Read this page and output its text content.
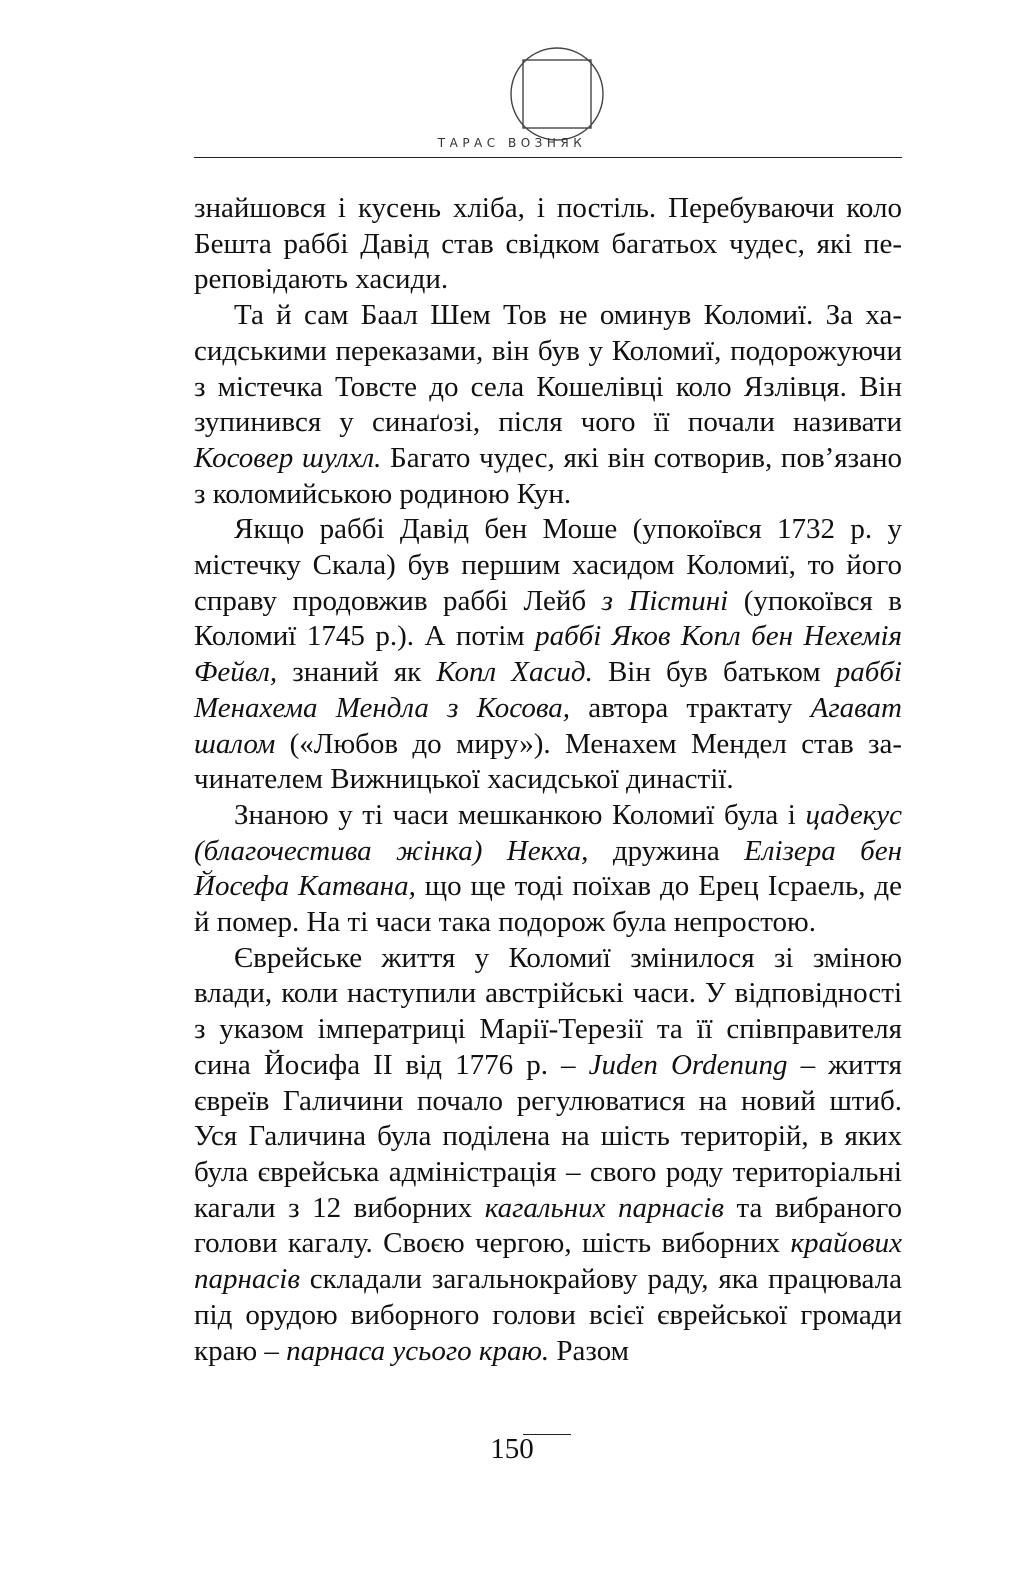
ТАРАС ВОЗНЯК

знайшовся і кусень хліба, і постіль. Перебуваючи коло Бешта раббі Давід став свідком багатьох чудес, які переповідають хасиди.

Та й сам Баал Шем Тов не оминув Коломиї. За хасидськими переказами, він був у Коломиї, подорожуючи з містечка Товсте до села Кошелівці коло Язлівця. Він зупинився у синаґозі, після чого її почали називати Косовер шулхл. Багато чудес, які він сотворив, пов’язано з коломийською родиною Кун.

Якщо раббі Давід бен Моше (упокоївся 1732 р. у містечку Скала) був першим хасидом Коломиї, то його справу продовжив раббі Лейб з Пістині (упокоївся в Коломиї 1745 р.). А потім раббі Яков Копл бен Нехемія Фейвл, знаний як Копл Хасид. Він був батьком раббі Менахема Мендла з Косова, автора трактату Агават шалом («Любов до миру»). Менахем Мендел став зачинателем Вижницької хасидської династії.

Знаною у ті часи мешканкою Коломиї була і цадекус (благочестива жінка) Некха, дружина Елізера бен Йосефа Катвана, що ще тоді поїхав до Ерец Ісраель, де й помер. На ті часи така подорож була непростою.

Єврейське життя у Коломиї змінилося зі зміною влади, коли наступили австрійські часи. У відповідності з указом імператриці Марії-Терезії та її співправителя сина Йосифа ІІ від 1776 р. – Juden Ordenung – життя євреїв Галичини почало регулюватися на новий штиб. Уся Галичина була поділена на шість територій, в яких була єврейська адміністрація – свого роду територіальні кагали з 12 виборних кагальних парнасів та вибраного голови кагалу. Своєю чергою, шість виборних крайових парнасів складали загальнокрайову раду, яка працювала під орудою виборного голови всієї єврейської громади краю – парнаса усього краю. Разом

150
